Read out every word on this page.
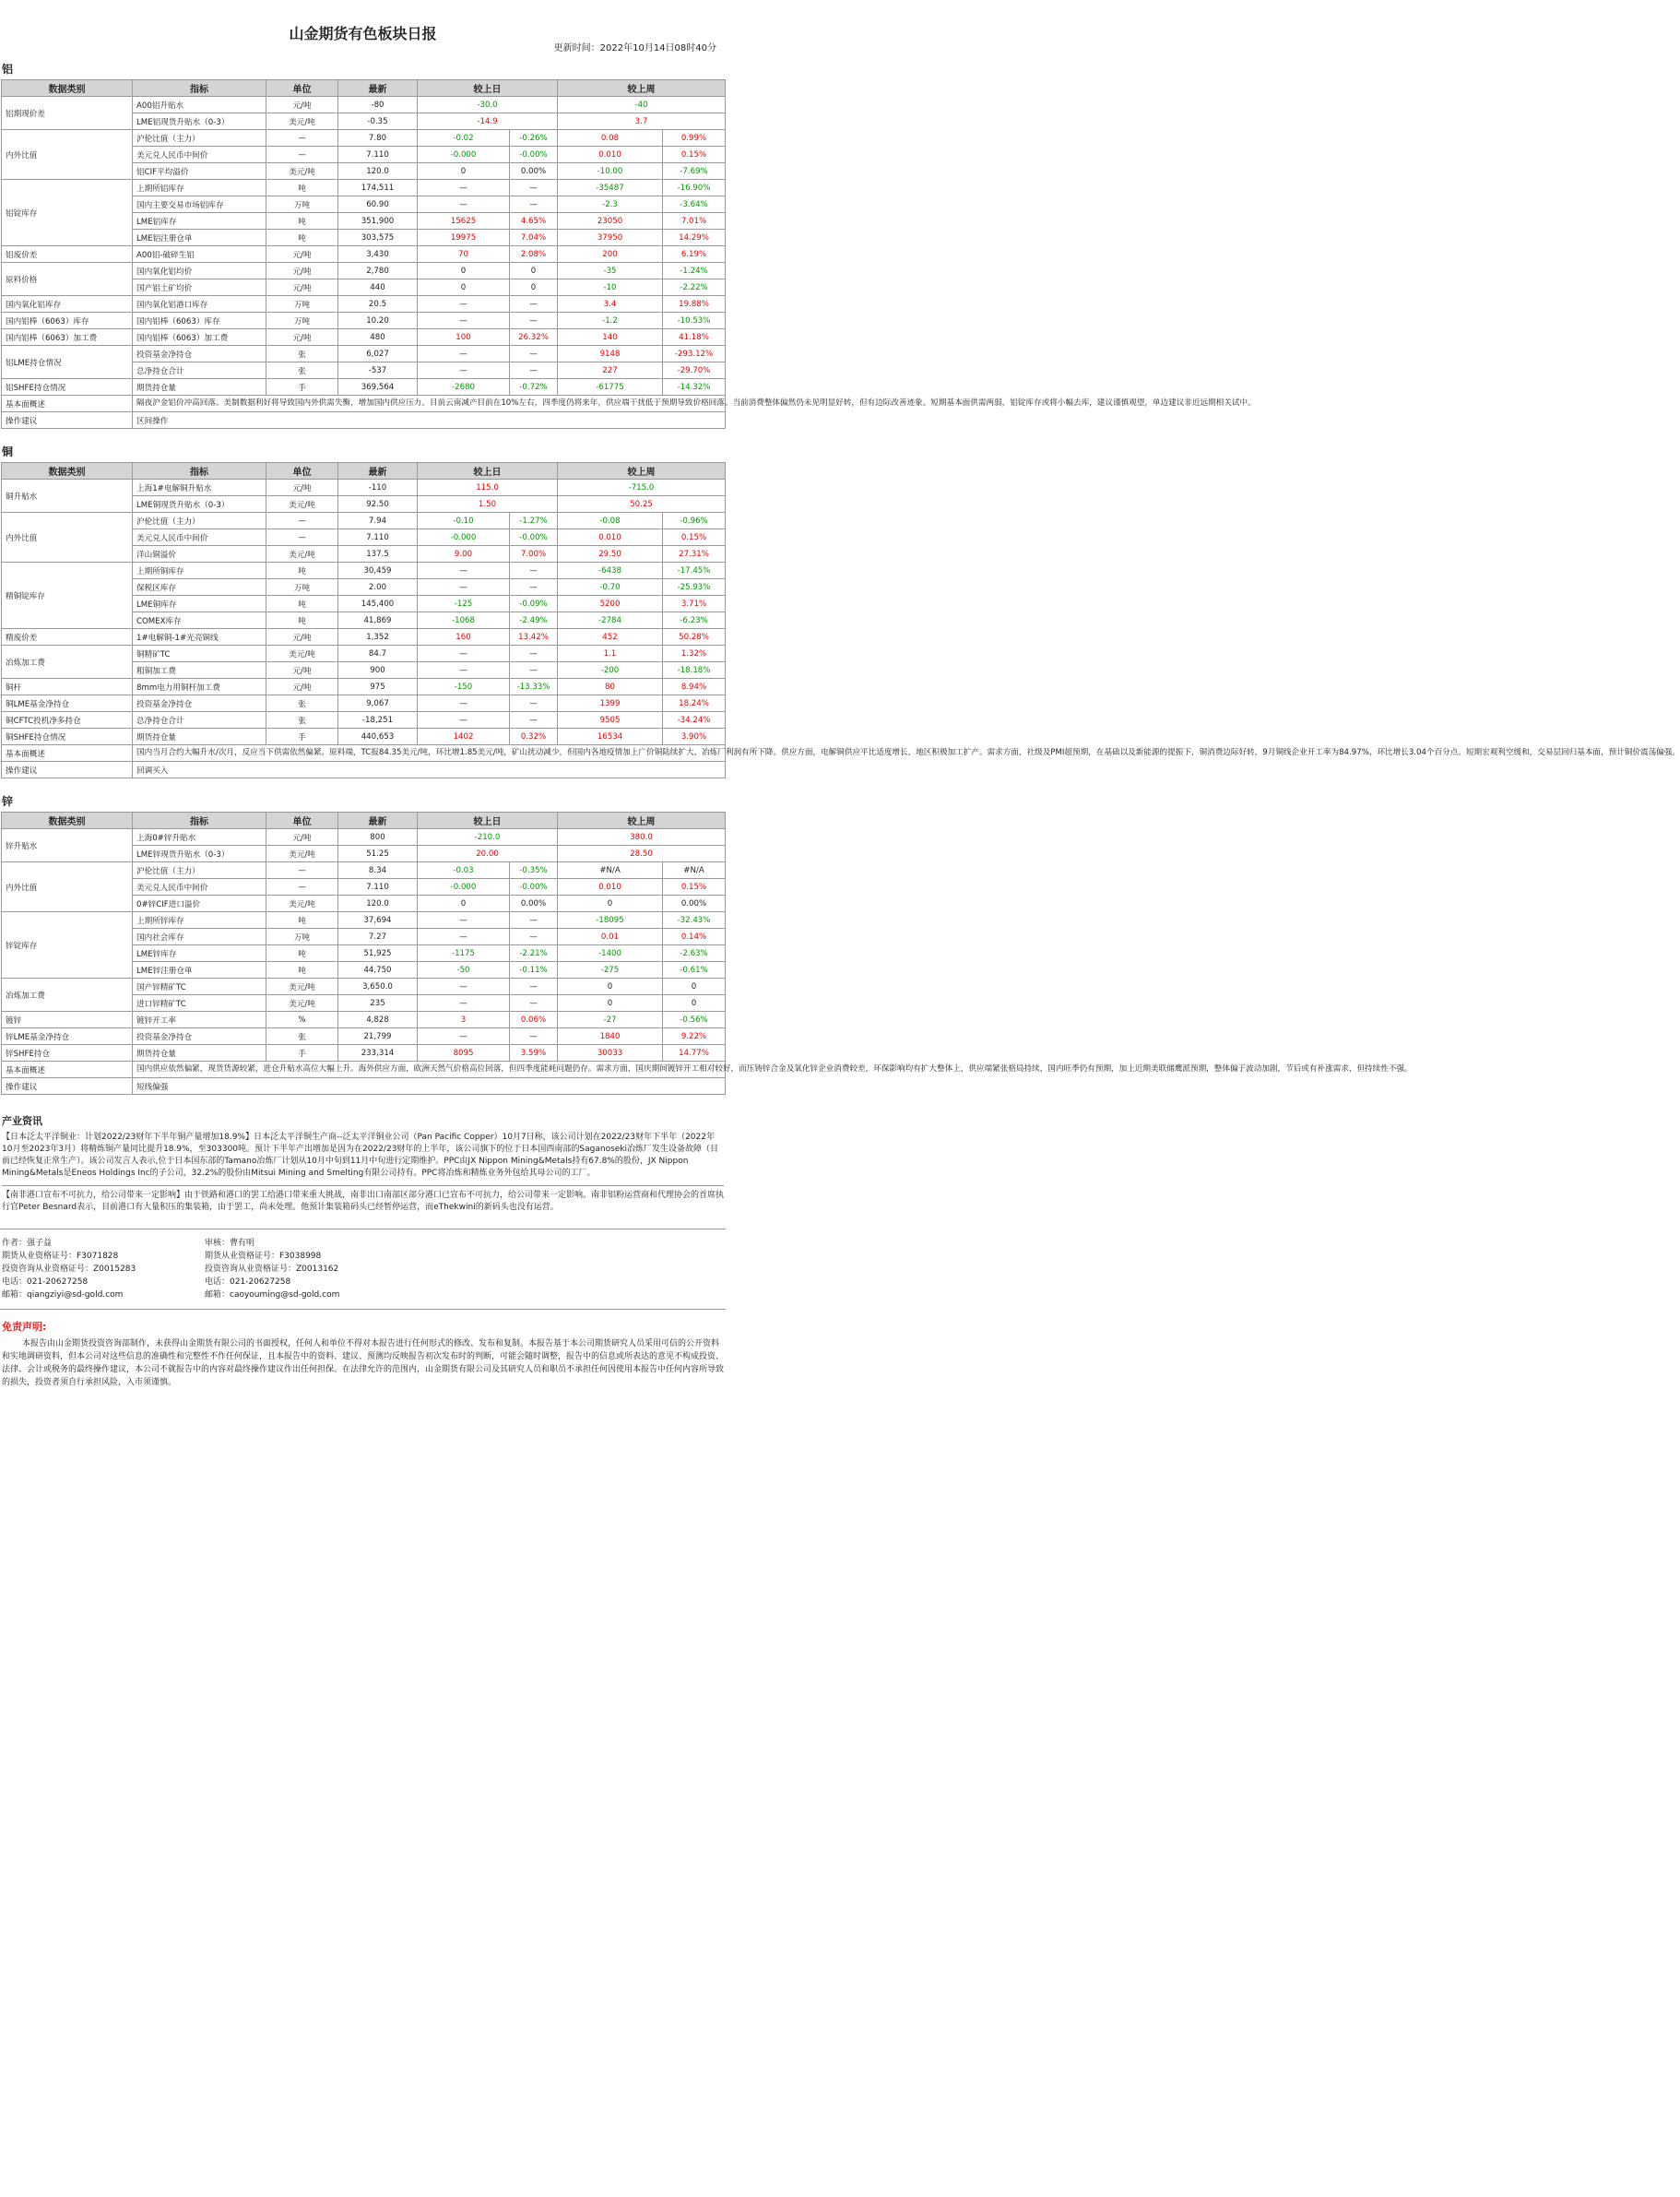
山金期货有色板块日报
更新时间：2022年10月14日08时40分
铝
数据类别	指标	单位	最新	较上日		较上周	
铝期现价差	A00铝升贴水	元/吨	-80	-30.0		-40	
	LME铝现货升贴水（0-3）	美元/吨	-0.35	-14.9		3.7	
内外比值	沪伦比值（主力）	—	7.80	-0.02	-0.26%	0.08	0.99%
	美元兑人民币中间价	—	7.110	-0.000	-0.00%	0.010	0.15%
	铝CIF平均溢价	美元/吨	120.0	0	0.00%	-10.00	-7.69%
铝锭库存	上期所铝库存	吨	174,511	—	—	-35487	-16.90%
	国内主要交易市场铝库存	万吨	60.90	—	—	-2.3	-3.64%
	LME铝库存	吨	351,900	15625	4.65%	23050	7.01%
	LME铝注册仓单	吨	303,575	19975	7.04%	37950	14.29%
铝废价差	A00铝-破碎生铝	元/吨	3,430	70	2.08%	200	6.19%
原料价格	国内氧化铝均价	元/吨	2,780	0	0	-35	-1.24%
	国产铝土矿均价	元/吨	440	0	0	-10	-2.22%
国内氧化铝库存	国内氧化铝港口库存	万吨	20.5	—	—	3.4	19.88%
国内铝棒（6063）库存	国内铝棒（6063）库存	万吨	10.20	—	—	-1.2	-10.53%
国内铝棒（6063）加工费	国内铝棒（6063）加工费	元/吨	480	100	26.32%	140	41.18%
铝LME持仓情况	投资基金净持仓	张	6,027	—	—	9148	-293.12%
	总净持仓合计	张	-537	—	—	227	-29.70%
铝SHFE持仓情况	期货持仓量	手	369,564	-2680	-0.72%	-61775	-14.32%
基本面概述	隔夜沪金铝价冲高回落。美制数据利好将导致国内外供需失衡，增加国内供应压力。目前云南减产目前在10%左右，四季度仍将来年，供应端干扰低于预期导致价格回落。当前消费整体偏然仍未见明显好转，但有边际改善迹象。短期基本面供需两弱，铝锭库存或将小幅去库，建议谨慎观望，单边建议非近远期相关试中。						
操作建议	区间操作						
铜
数据类别	指标	单位	最新	较上日		较上周	
铜升贴水	上海1#电解铜升贴水	元/吨	-110	115.0		-715.0	
	LME铜现货升贴水（0-3）	美元/吨	92.50	1.50		50.25	
内外比值	沪伦比值（主力）	—	7.94	-0.10	-1.27%	-0.08	-0.96%
	美元兑人民币中间价	—	7.110	-0.000	-0.00%	0.010	0.15%
	洋山铜溢价	美元/吨	137.5	9.00	7.00%	29.50	27.31%
精铜锭库存	上期所铜库存	吨	30,459	—	—	-6438	-17.45%
	保税区库存	万吨	2.00	—	—	-0.70	-25.93%
	LME铜库存	吨	145,400	-125	-0.09%	5200	3.71%
	COMEX库存	吨	41,869	-1068	-2.49%	-2784	-6.23%
精废价差	1#电解铜-1#光亮铜线	元/吨	1,352	160	13.42%	452	50.28%
冶炼加工费	铜精矿TC	美元/吨	84.7	—	—	1.1	1.32%
	粗铜加工费	元/吨	900	—	—	-200	-18.18%
铜杆	8mm电力用铜杆加工费	元/吨	975	-150	-13.33%	80	8.94%
铜LME基金净持仓	投资基金净持仓	张	9,067	—	—	1399	18.24%
铜CFTC投机净多持仓	总净持仓合计	张	-18,251	—	—	9505	-34.24%
铜SHFE持仓情况	期货持仓量	手	440,653	1402	0.32%	16534	3.90%
基本面概述	国内当月合约大幅升水/次月，反应当下供需依然偏紧。原料端，TC报84.35美元/吨，环比增1.85美元/吨，矿山扰动减少，但国内各地疫情加上广价铜陆续扩大，冶炼厂利润有所下降。供应方面，电解铜供应平比适度增长，地区积极加工扩产。需求方面，社级及PMI超预期，在基础以及新能源的提振下，铜消费边际好转，9月铜线企业开工率为84.97%，环比增长3.04个百分点。短期宏观利空缓和，交易层回归基本面，预计铜价震荡偏强。						
操作建议	回调买入						
锌
数据类别	指标	单位	最新	较上日		较上周	
锌升贴水	上海0#锌升贴水	元/吨	800	-210.0		380.0	
	LME锌现货升贴水（0-3）	美元/吨	51.25	20.00		28.50	
内外比值	沪伦比值（主力）	—	8.34	-0.03	-0.35%	#N/A	#N/A
	美元兑人民币中间价	—	7.110	-0.000	-0.00%	0.010	0.15%
	0#锌CIF进口溢价	美元/吨	120.0	0	0.00%	0	0.00%
锌锭库存	上期所锌库存	吨	37,694	—	—	-18095	-32.43%
	国内社会库存	万吨	7.27	—	—	0.01	0.14%
	LME锌库存	吨	51,925	-1175	-2.21%	-1400	-2.63%
	LME锌注册仓单	吨	44,750	-50	-0.11%	-275	-0.61%
冶炼加工费	国产锌精矿TC	美元/吨	3,650.0	—	—	0	0
	进口锌精矿TC	美元/吨	235	—	—	0	0
镀锌	镀锌开工率	%	4,828	3	0.06%	-27	-0.56%
锌LME基金净持仓	投资基金净持仓	张	21,799	—	—	1840	9.22%
锌SHFE持仓	期货持仓量	手	233,314	8095	3.59%	30033	14.77%
基本面概述	国内供应依然偏紧，现货货源较紧，进仓升贴水高位大幅上升。海外供应方面，欧洲天然气价格高位回落，但四季度能耗问题仍存。需求方面，国庆期间镀锌开工相对较好，而压铸锌合金及氧化锌企业消费较差，环保影响均有扩大整体上，供应端紧张格局持续，国内旺季仍有预期，加上近期美联储鹰派预期，整体偏于波动加剧，节后或有补涨需求，但持续性不强。						
操作建议	短线偏强						
产业资讯

【日本泛太平洋铜业：计划2022/23财年下半年铜产量增加18.9%】日本泛太平洋铜生产商--泛太平洋铜业公司（Pan Pacific Copper）10月7日称，该公司计划在2022/23财年下半年（2022年10月至2023年3月）将精炼铜产量同比提升18.9%，至303300吨。预计下半年产出增加是因为在2022/23财年的上半年，该公司旗下的位于日本国西南部的Saganoseki冶炼厂发生设备故障（目前已经恢复正常生产）。该公司发言人表示,位于日本国东部的Tamano冶炼厂计划从10月中旬到11月中旬进行定期维护。PPC由JX Nippon Mining&Metals持有67.8%的股份，JX Nippon Mining&Metals是Eneos Holdings Inc的子公司，32.2%的股份由Mitsui Mining and Smelting有限公司持有。PPC将冶炼和精炼业务外包给其母公司的工厂。

【南非港口宣布不可抗力，给公司带来一定影响】由于铁路和港口的罢工给港口带来重大挑战，南非出口南部区部分港口已宣布不可抗力，给公司带来一定影响。南非铝粉运营商和代理协会的首席执行官Peter Besnard表示，目前港口有大量积压的集装箱，由于罢工，尚未处理。他预计集装箱码头已经暂停运营，而eThekwini的新码头也没有运营。

作者：强子益
期货从业资格证号：F3071828
投资咨询从业资格证号：Z0015283
电话：021-20627258
邮箱：qiangziyi@sd-gold.com
审核：曹有明
期货从业资格证号：F3038998
投资咨询从业资格证号：Z0013162
电话：021-20627258
邮箱：caoyouming@sd-gold.com
免责声明:

本报告由山金期货投资咨询部制作，未获得山金期货有限公司的书面授权，任何人和单位不得对本报告进行任何形式的修改、发布和复制。本报告基于本公司期货研究人员采用可信的公开资料和实地调研资料，但本公司对这些信息的准确性和完整性不作任何保证，且本报告中的资料、建议、预测均反映报告初次发布时的判断，可能会随时调整，报告中的信息或所表达的意见不构成投资、法律、会计或税务的最终操作建议，本公司不就报告中的内容对最终操作建议作出任何担保。在法律允许的范围内，山金期货有限公司及其研究人员和职员不承担任何因使用本报告中任何内容所导致的损失，投资者须自行承担风险，入市须谨慎。
